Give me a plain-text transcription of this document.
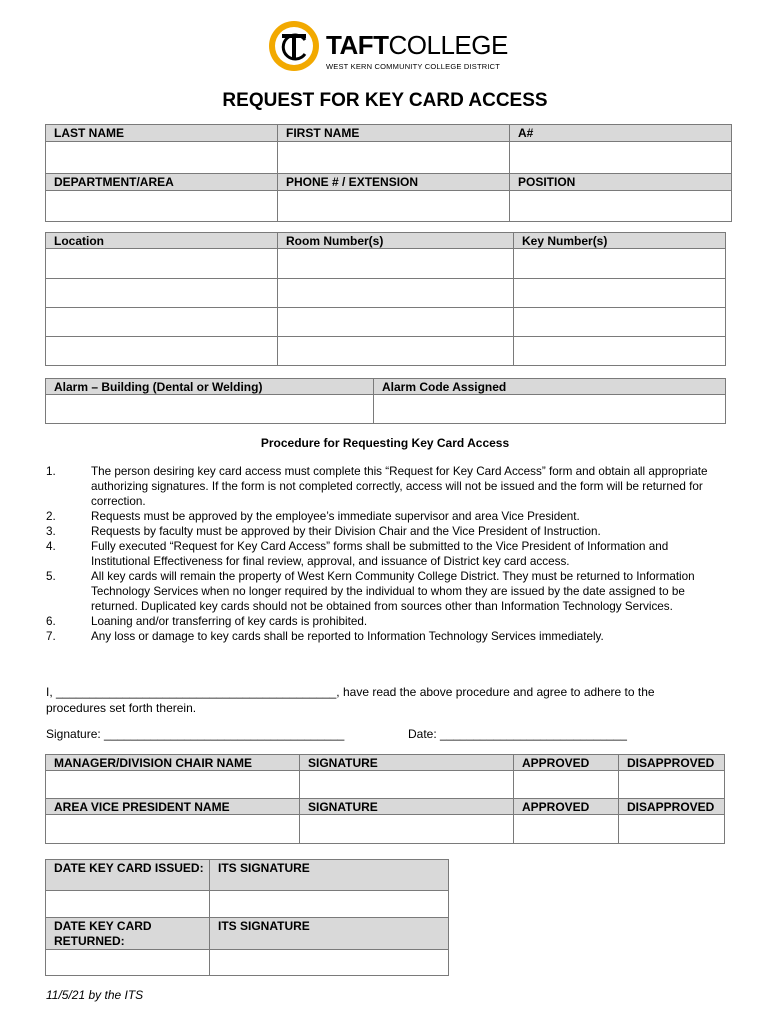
TAFTCOLLEGE
WEST KERN COMMUNITY COLLEGE DISTRICT
REQUEST FOR KEY CARD ACCESS
LAST NAME	FIRST NAME	A#

DEPARTMENT/AREA	PHONE # / EXTENSION	POSITION

Location	Room Number(s)	Key Number(s)

Alarm – Building (Dental or Welding)	Alarm Code Assigned

Procedure for Requesting Key Card Access
1.	The person desiring key card access must complete this “Request for Key Card Access” form and obtain all appropriate authorizing signatures. If the form is not completed correctly, access will not be issued and the form will be returned for correction.
2.	Requests must be approved by the employee’s immediate supervisor and area Vice President.
3.	Requests by faculty must be approved by their Division Chair and the Vice President of Instruction.
4.	Fully executed “Request for Key Card Access” forms shall be submitted to the Vice President of Information and Institutional Effectiveness for final review, approval, and issuance of District key card access.
5.	All key cards will remain the property of West Kern Community College District. They must be returned to Information Technology Services when no longer required by the individual to whom they are issued by the date assigned to be returned. Duplicated key cards should not be obtained from sources other than Information Technology Services.
6.	Loaning and/or transferring of key cards is prohibited.
7.	Any loss or damage to key cards shall be reported to Information Technology Services immediately.
I, __________________________________________, have read the above procedure and agree to adhere to the
procedures set forth therein.
Signature: ____________________________________	Date: ____________________________
MANAGER/DIVISION CHAIR NAME	SIGNATURE	APPROVED	DISAPPROVED

AREA VICE PRESIDENT NAME	SIGNATURE	APPROVED	DISAPPROVED

DATE KEY CARD ISSUED:	ITS SIGNATURE

DATE KEY CARD RETURNED:	ITS SIGNATURE

11/5/21 by the ITS
